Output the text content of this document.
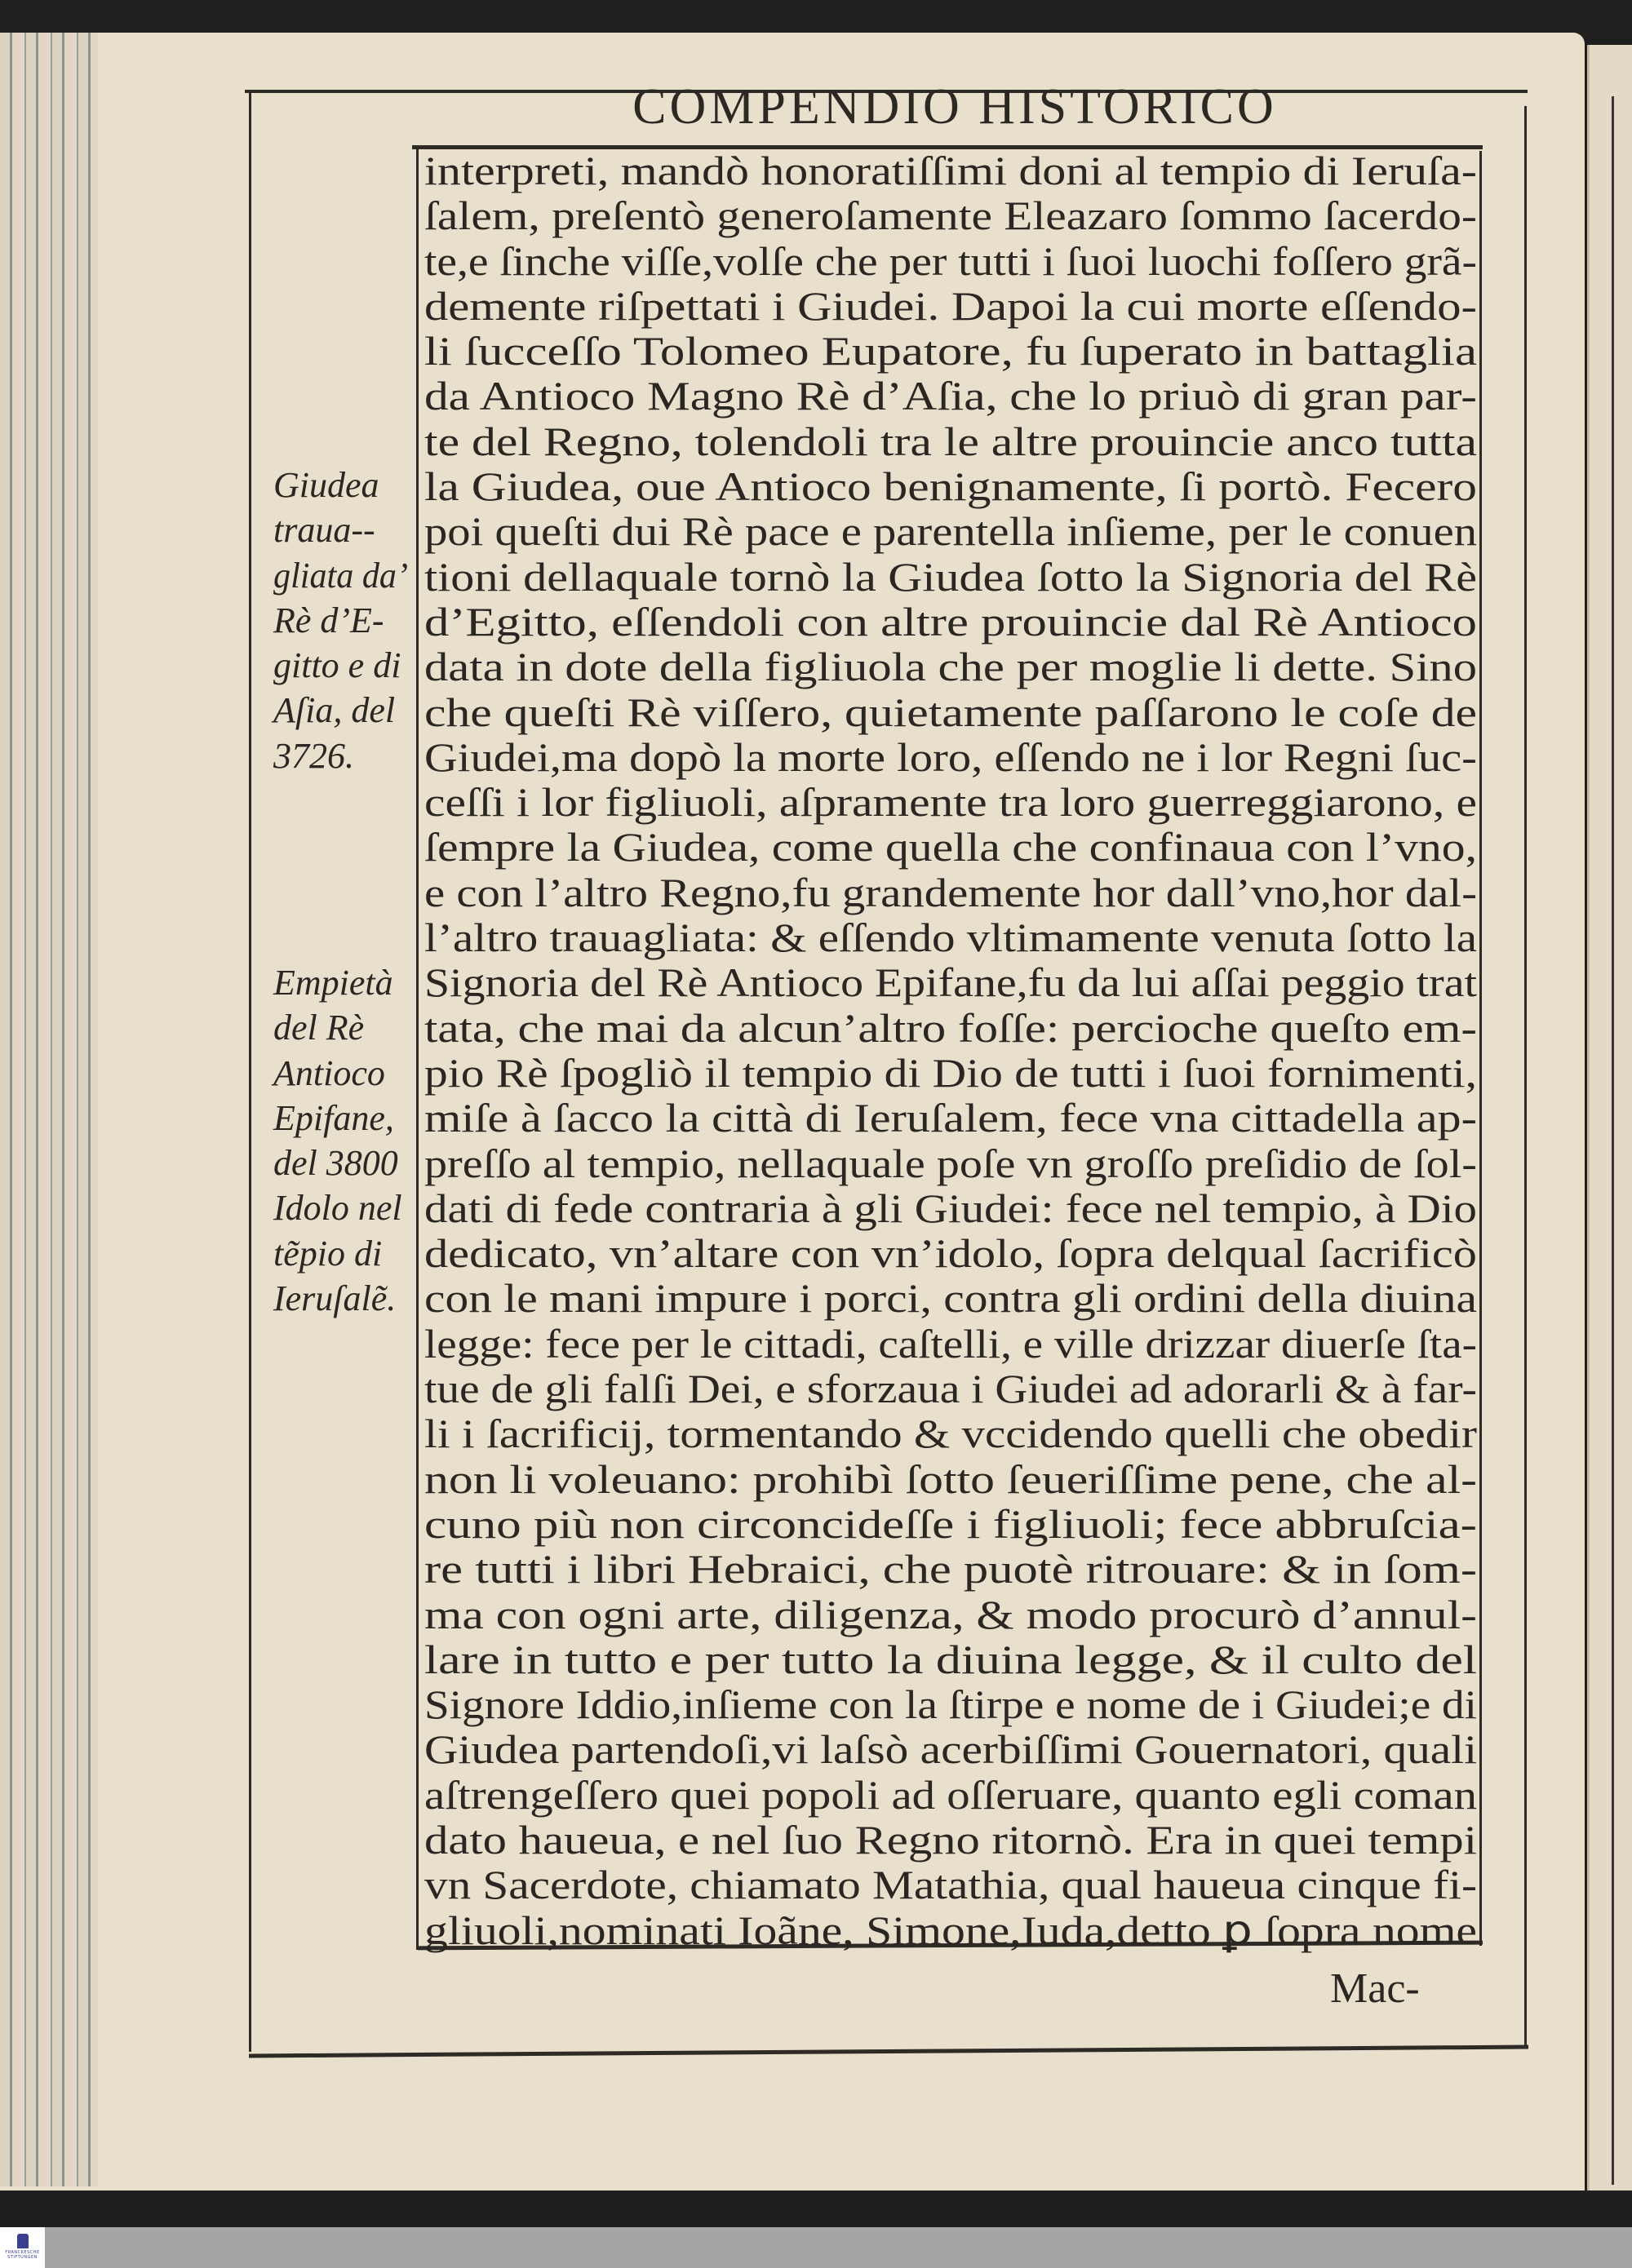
COMPENDIO HISTORICO
interpreti, mandò honoratiſſimi doni al tempio di Ieruſa-
ſalem, preſentò generoſamente Eleazaro ſommo ſacerdo-
te,e ſinche viſſe,volſe che per tutti i ſuoi luochi foſſero grã-
demente riſpettati i Giudei. Dapoi la cui morte eſſendo-
li ſucceſſo Tolomeo Eupatore, fu ſuperato in battaglia
da Antioco Magno Rè d’Aſia, che lo priuò di gran par-
te del Regno, tolendoli tra le altre prouincie anco tutta
la Giudea, oue Antioco benignamente, ſi portò. Fecero
poi queſti dui Rè pace e parentella inſieme, per le conuen
tioni dellaquale tornò la Giudea ſotto la Signoria del Rè
d’Egitto, eſſendoli con altre prouincie dal Rè Antioco
data in dote della figliuola che per moglie li dette. Sino
che queſti Rè viſſero, quietamente paſſarono le coſe de
Giudei,ma dopò la morte loro, eſſendo ne i lor Regni ſuc-
ceſſi i lor figliuoli, aſpramente tra loro guerreggiarono, e
ſempre la Giudea, come quella che confinaua con l’vno,
e con l’altro Regno,fu grandemente hor dall’vno,hor dal-
l’altro trauagliata: & eſſendo vltimamente venuta ſotto la
Signoria del Rè Antioco Epifane,fu da lui aſſai peggio trat
tata, che mai da alcun’altro foſſe: percioche queſto em-
pio Rè ſpogliò il tempio di Dio de tutti i ſuoi fornimenti,
miſe à ſacco la città di Ieruſalem, fece vna cittadella ap-
preſſo al tempio, nellaquale poſe vn groſſo preſidio de ſol-
dati di fede contraria à gli Giudei: fece nel tempio, à Dio
dedicato, vn’altare con vn’idolo, ſopra delqual ſacrificò
con le mani impure i porci, contra gli ordini della diuina
legge: fece per le cittadi, caſtelli, e ville drizzar diuerſe ſta-
tue de gli falſi Dei, e sforzaua i Giudei ad adorarli & à far-
li i ſacrificij, tormentando & vccidendo quelli che obedir
non li voleuano: prohibì ſotto ſeueriſſime pene, che al-
cuno più non circoncideſſe i figliuoli; fece abbruſcia-
re tutti i libri Hebraici, che puotè ritrouare: & in ſom-
ma con ogni arte, diligenza, & modo procurò d’annul-
lare in tutto e per tutto la diuina legge, & il culto del
Signore Iddio,inſieme con la ſtirpe e nome de i Giudei;e di
Giudea partendoſi,vi laſsò acerbiſſimi Gouernatori, quali
aſtrengeſſero quei popoli ad oſſeruare, quanto egli coman
dato haueua, e nel ſuo Regno ritornò. Era in quei tempi
vn Sacerdote, chiamato Matathia, qual haueua cinque fi-
gliuoli,nominati Ioãne, Simone,Iuda,detto ꝑ ſopra nome
Giudea
traua--
gliata da’
Rè d’E-
gitto e di
Aſia, del
3726.
Empietà
del Rè
Antioco
Epifane,
del 3800
Idolo nel
tẽpio di
Ieruſalẽ.
Mac-
FRANCKESCHE
STIFTUNGEN
